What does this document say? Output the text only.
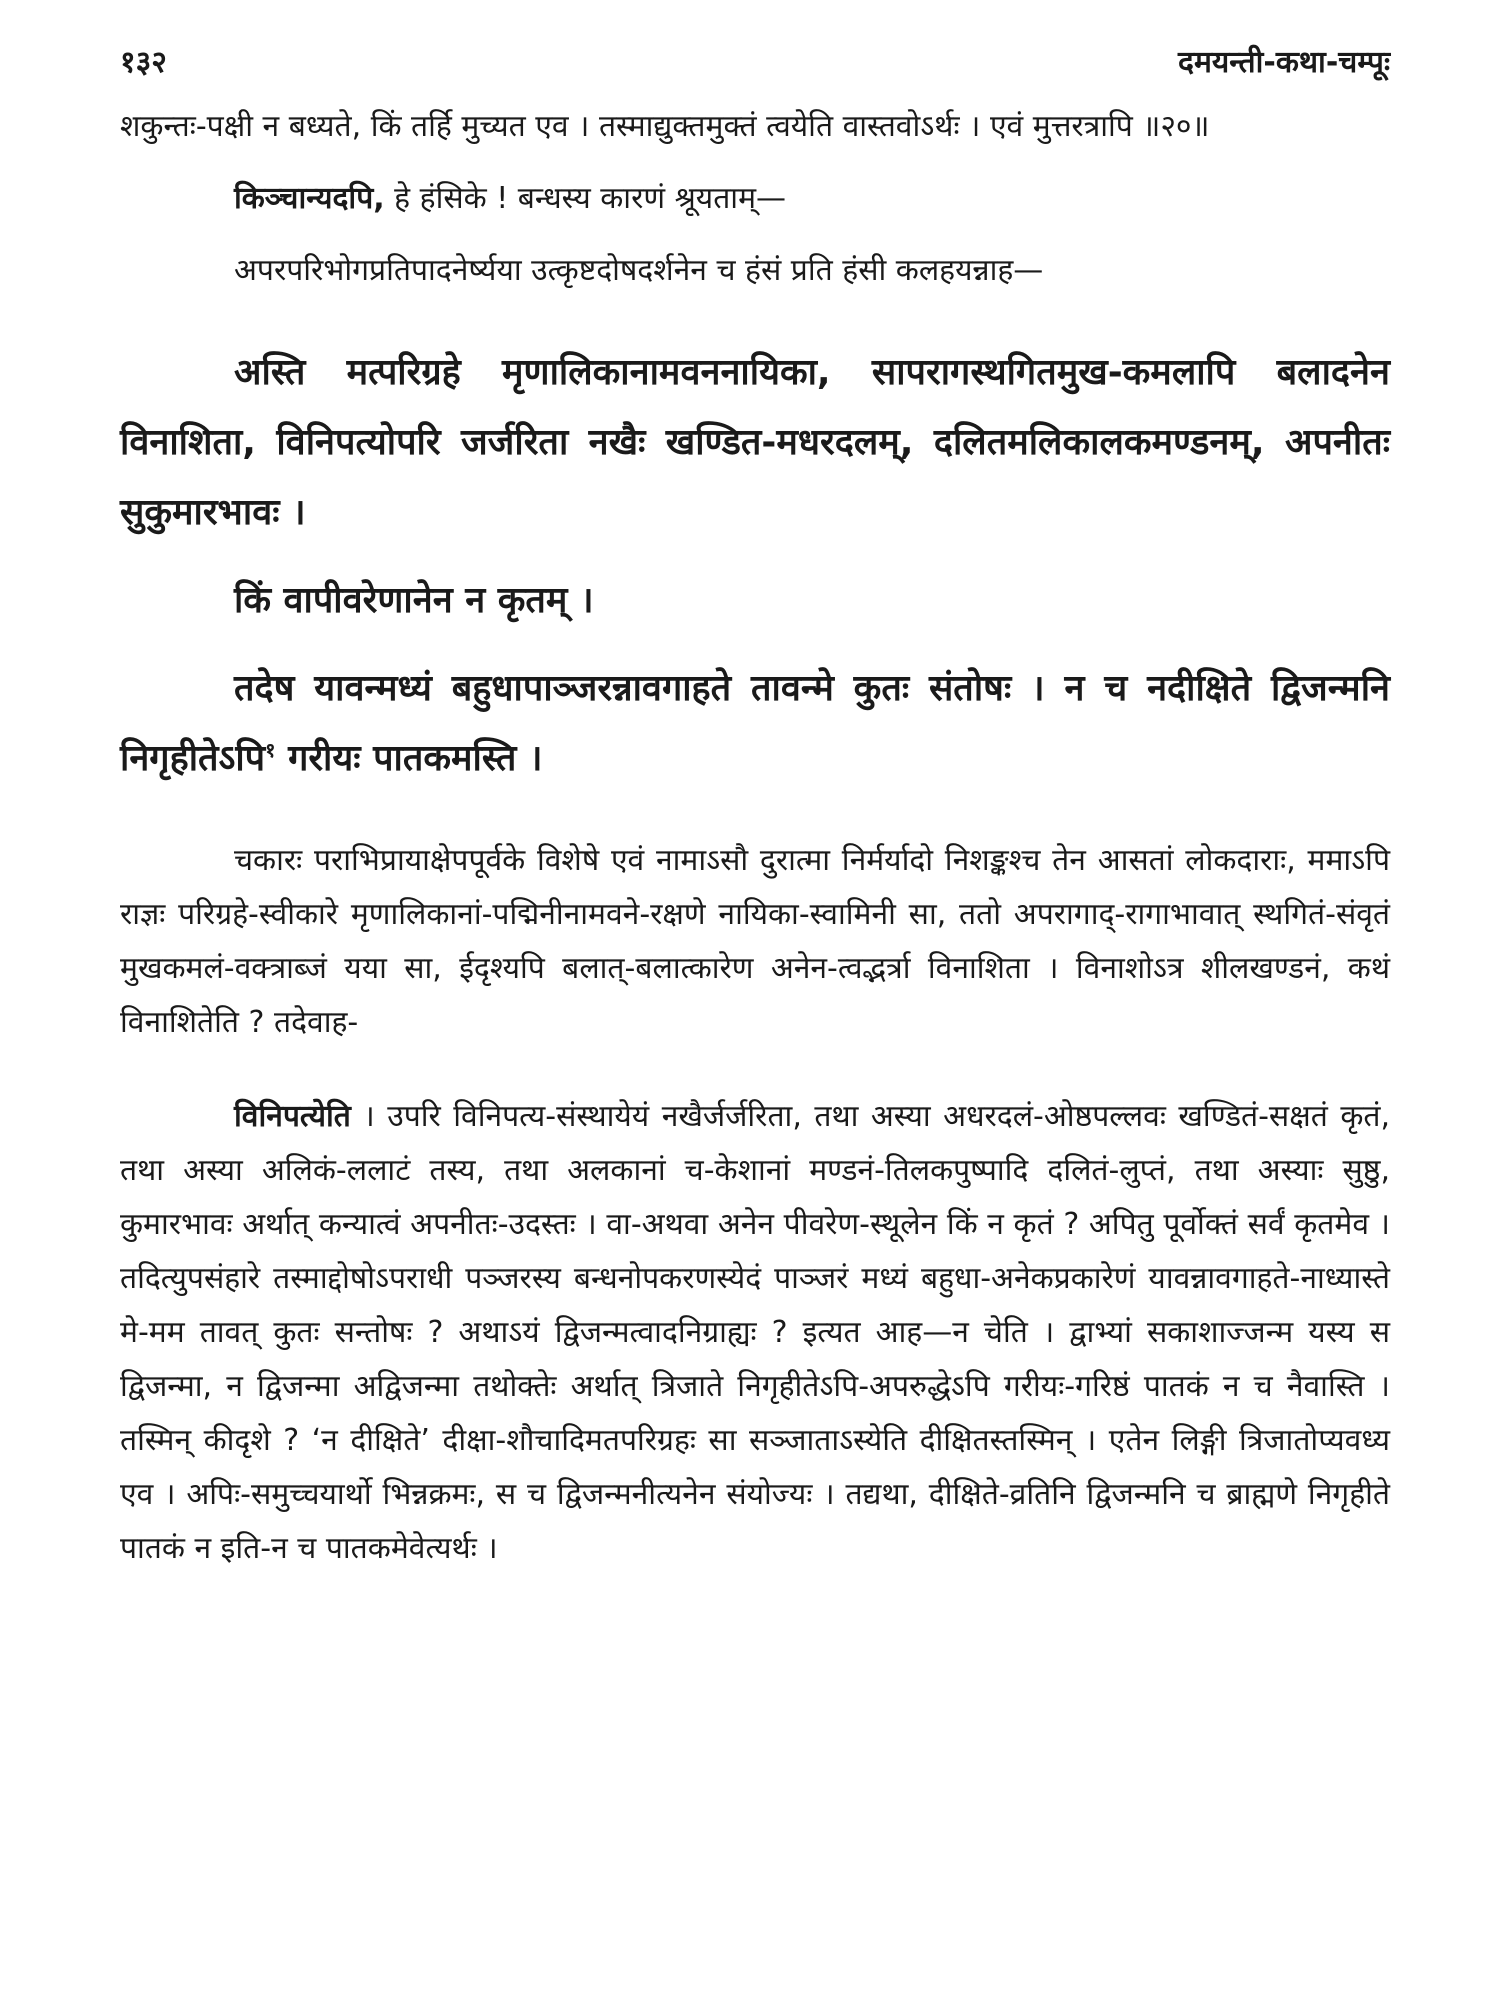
१३२	दमयन्ती-कथा-चम्पूः

शकुन्तः-पक्षी न बध्यते, किं तर्हि मुच्यत एव । तस्माद्युक्तमुक्तं त्वयेति वास्तवोऽर्थः । एवं मुत्तरत्रापि ॥२०॥

किञ्चान्यदपि, हे हंसिके ! बन्धस्य कारणं श्रूयताम्—

अपरपरिभोगप्रतिपादनेर्ष्यया उत्कृष्टदोषदर्शनेन च हंसं प्रति हंसी कलहयन्नाह—

अस्ति मत्परिग्रहे मृणालिकानामवननायिका, सापरागस्थगितमुख-कमलापि बलादनेन विनाशिता, विनिपत्योपरि जर्जरिता नखैः खण्डित-मधरदलम्, दलितमलिकालकमण्डनम्, अपनीतः सुकुमारभावः ।

किं वापीवरेणानेन न कृतम् ।

तदेष यावन्मध्यं बहुधापाञ्जरन्नावगाहते तावन्मे कुतः संतोषः । न च नदीक्षिते द्विजन्मनि निगृहीतेऽपि$^१$ गरीयः पातकमस्ति ।

चकारः पराभिप्रायाक्षेपपूर्वके विशेषे एवं नामाऽसौ दुरात्मा निर्मर्यादो निशङ्कश्च तेन आसतां लोकदाराः, ममाऽपि राज्ञः परिग्रहे-स्वीकारे मृणालिकानां-पद्मिनीनामवने-रक्षणे नायिका-स्वामिनी सा, ततो अपरागाद्-रागाभावात् स्थगितं-संवृतं मुखकमलं-वक्त्राब्जं यया सा, ईदृश्यपि बलात्-बलात्कारेण अनेन-त्वद्भर्त्रा विनाशिता । विनाशोऽत्र शीलखण्डनं, कथं विनाशितेति ? तदेवाह-

विनिपत्येति । उपरि विनिपत्य-संस्थायेयं नखैर्जर्जरिता, तथा अस्या अधरदलं-ओष्ठपल्लवः खण्डितं-सक्षतं कृतं, तथा अस्या अलिकं-ललाटं तस्य, तथा अलकानां च-केशानां मण्डनं-तिलकपुष्पादि दलितं-लुप्तं, तथा अस्याः सुष्ठु, कुमारभावः अर्थात् कन्यात्वं अपनीतः-उदस्तः । वा-अथवा अनेन पीवरेण-स्थूलेन किं न कृतं ? अपितु पूर्वोक्तं सर्वं कृतमेव । तदित्युपसंहारे तस्माद्दोषोऽपराधी पञ्जरस्य बन्धनोपकरणस्येदं पाञ्जरं मध्यं बहुधा-अनेकप्रकारेणं यावन्नावगाहते-नाध्यास्ते मे-मम तावत् कुतः सन्तोषः ? अथाऽयं द्विजन्मत्वादनिग्राह्यः ? इत्यत आह—न चेति । द्वाभ्यां सकाशाज्जन्म यस्य स द्विजन्मा, न द्विजन्मा अद्विजन्मा तथोक्तेः अर्थात् त्रिजाते निगृहीतेऽपि-अपरुद्धेऽपि गरीयः-गरिष्ठं पातकं न च नैवास्ति । तस्मिन् कीदृशे ? ‘न दीक्षिते’ दीक्षा-शौचादिमतपरिग्रहः सा सञ्जाताऽस्येति दीक्षितस्तस्मिन् । एतेन लिङ्गी त्रिजातोप्यवध्य एव । अपिः-समुच्चयार्थो भिन्नक्रमः, स च द्विजन्मनीत्यनेन संयोज्यः । तद्यथा, दीक्षिते-व्रतिनि द्विजन्मनि च ब्राह्मणे निगृहीते पातकं न इति-न च पातकमेवेत्यर्थः ।
